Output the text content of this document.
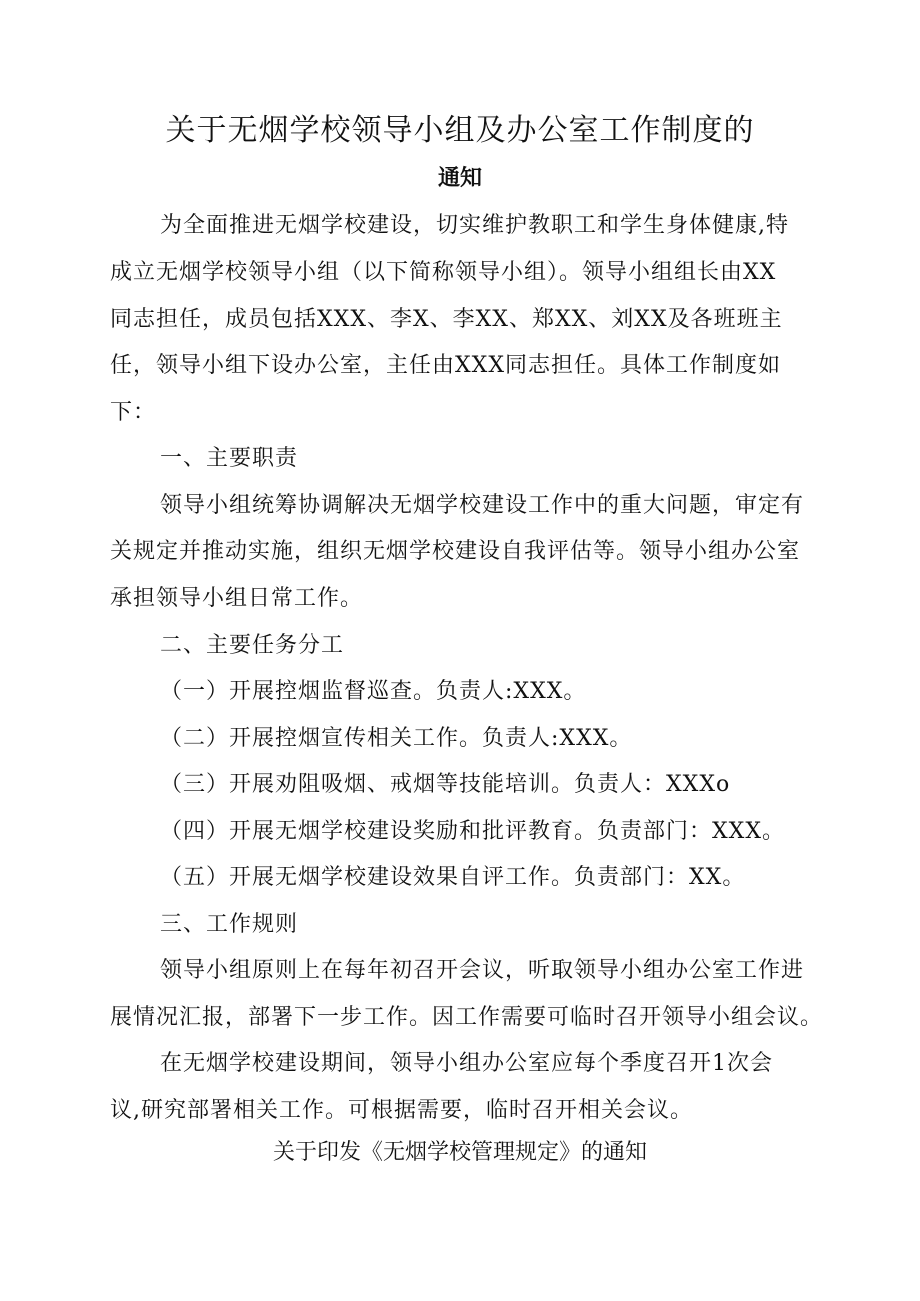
关于无烟学校领导小组及办公室工作制度的
通知
为全面推进无烟学校建设，切实维护教职工和学生身体健康,特
成立无烟学校领导小组（以下简称领导小组）。领导小组组长由XX
同志担任，成员包括XXX、李X、李XX、郑XX、刘XX及各班班主
任，领导小组下设办公室，主任由XXX同志担任。具体工作制度如
下：
一、主要职责
领导小组统筹协调解决无烟学校建设工作中的重大问题，审定有
关规定并推动实施，组织无烟学校建设自我评估等。领导小组办公室
承担领导小组日常工作。
二、主要任务分工
（一）开展控烟监督巡查。负责人:XXX。
（二）开展控烟宣传相关工作。负责人:XXX。
（三）开展劝阻吸烟、戒烟等技能培训。负责人：XXXo
（四）开展无烟学校建设奖励和批评教育。负责部门：XXX。
（五）开展无烟学校建设效果自评工作。负责部门：XX。
三、工作规则
领导小组原则上在每年初召开会议，听取领导小组办公室工作进
展情况汇报，部署下一步工作。因工作需要可临时召开领导小组会议。
在无烟学校建设期间，领导小组办公室应每个季度召开1次会
议,研究部署相关工作。可根据需要，临时召开相关会议。
关于印发《无烟学校管理规定》的通知
